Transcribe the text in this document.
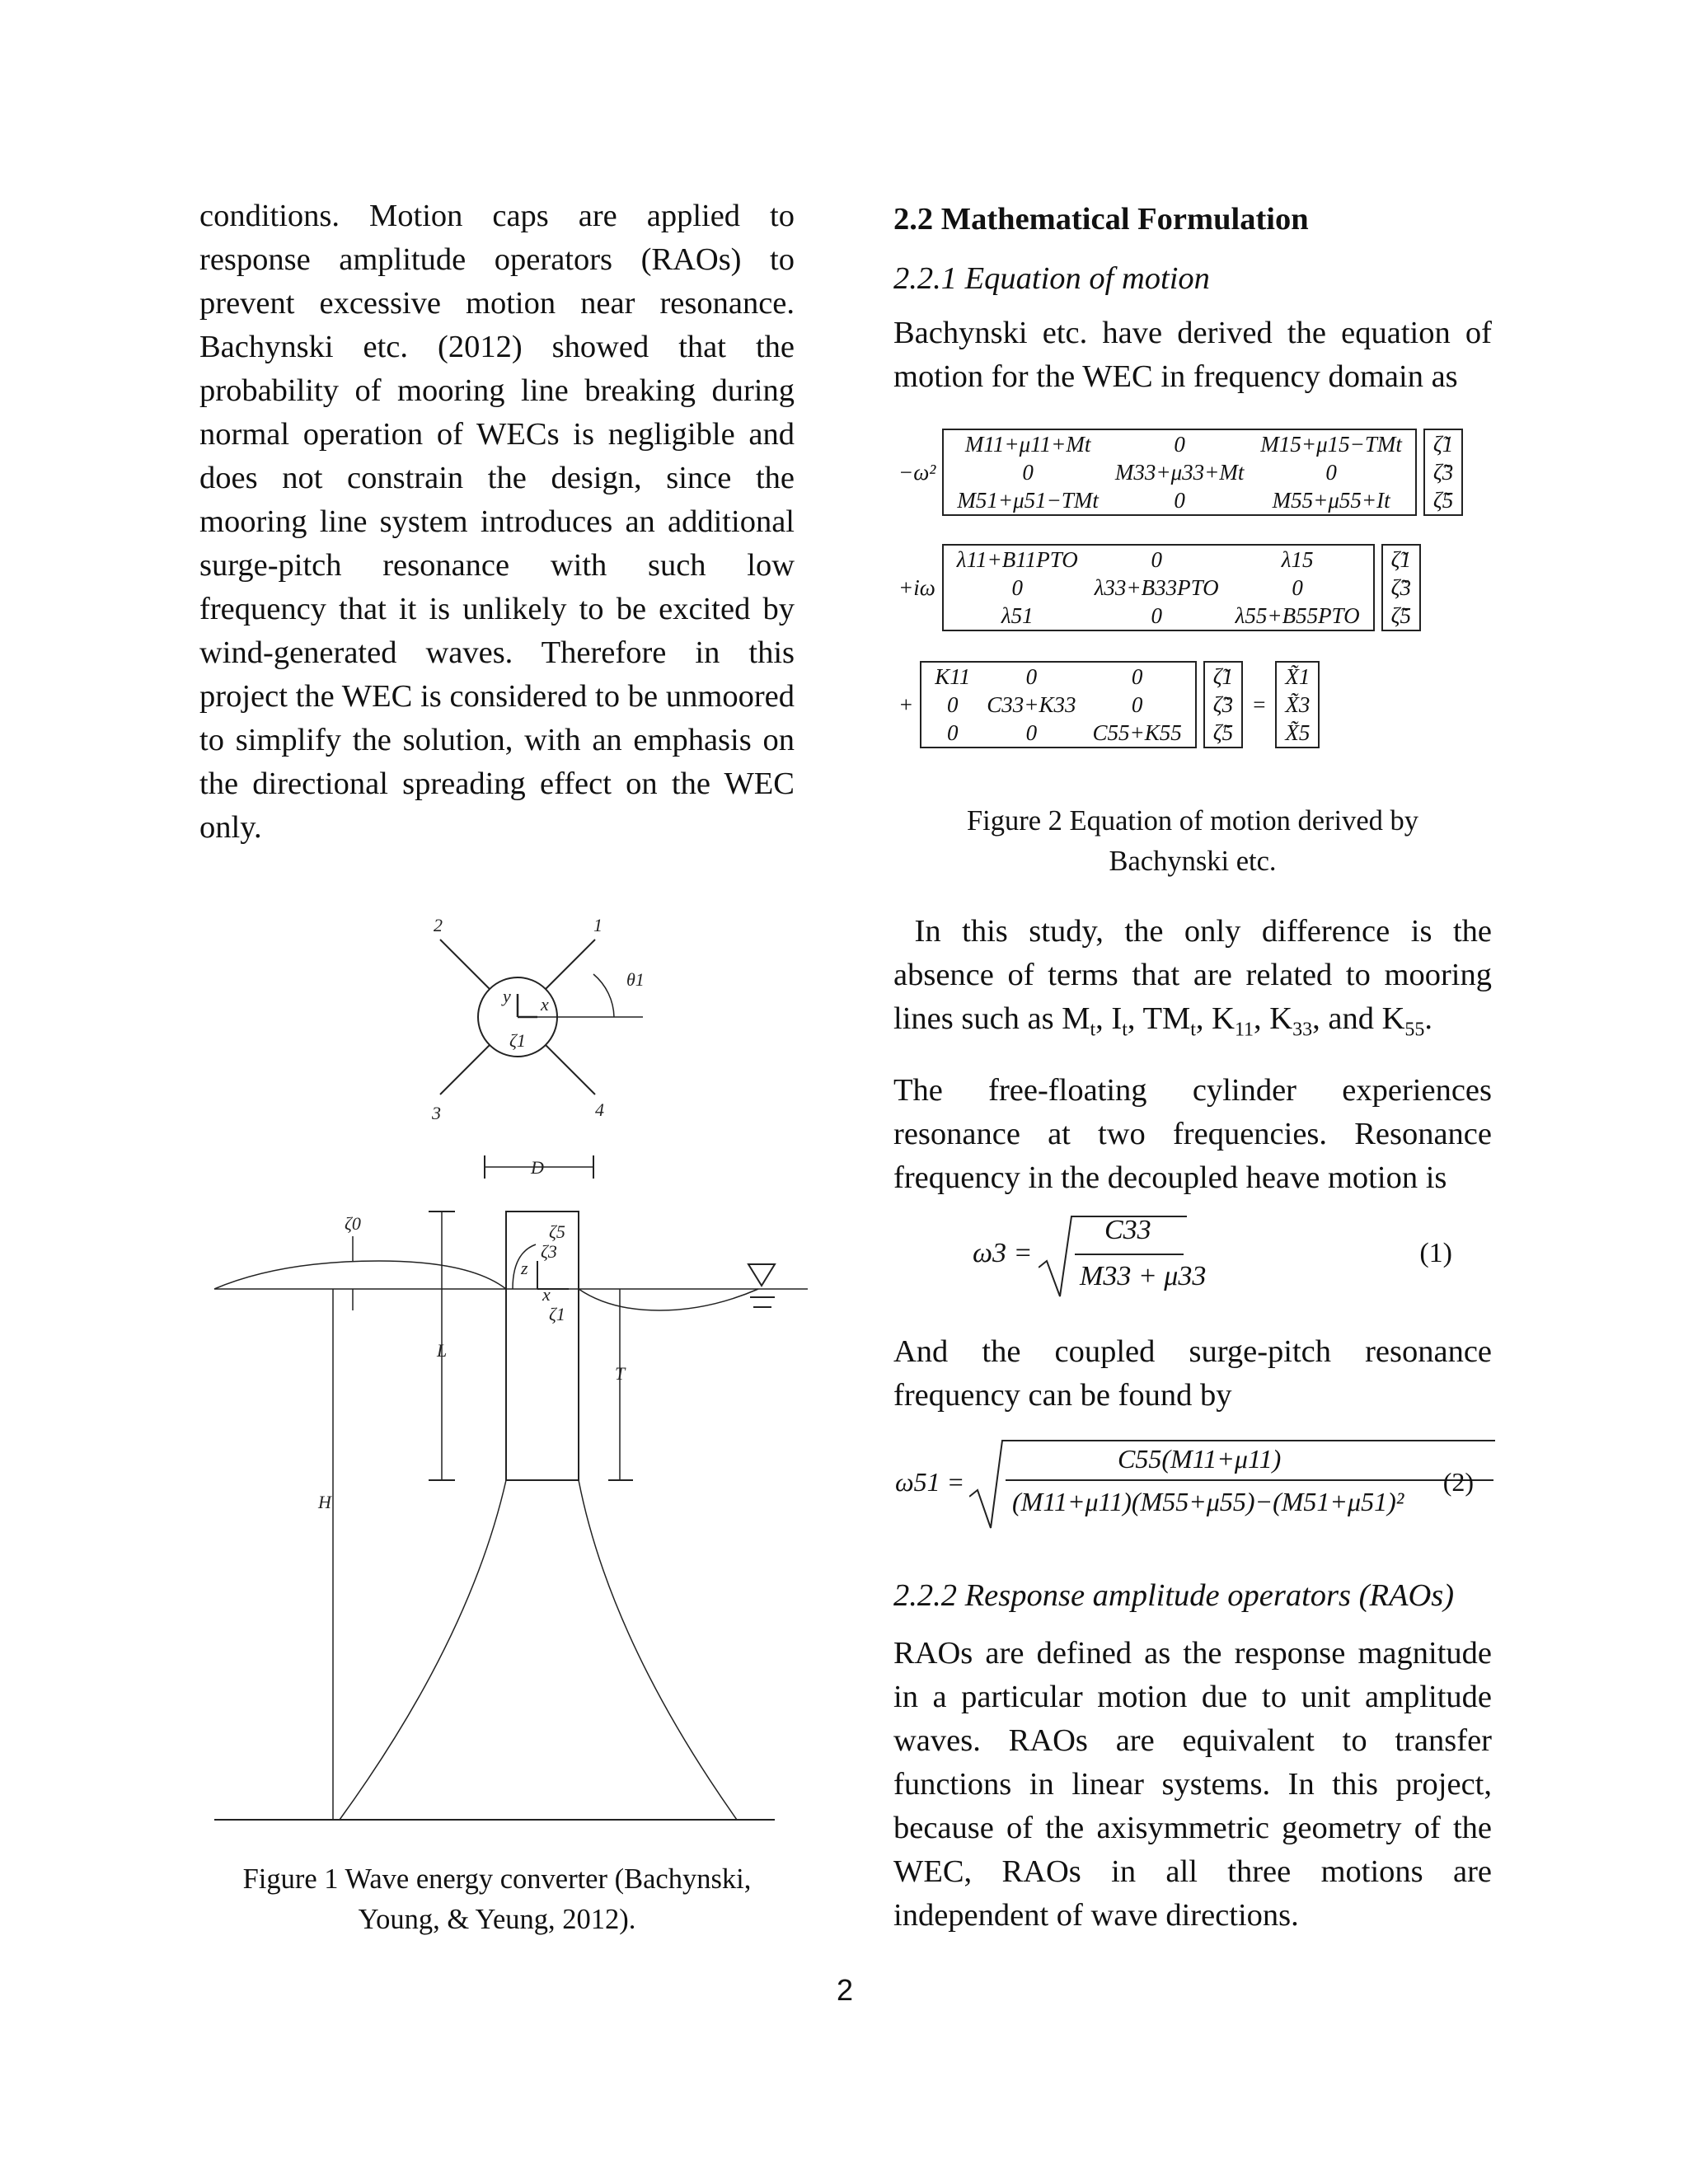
conditions. Motion caps are applied to response amplitude operators (RAOs) to prevent excessive motion near resonance. Bachynski etc. (2012) showed that the probability of mooring line breaking during normal operation of WECs is negligible and does not constrain the design, since the mooring line system introduces an additional surge-pitch resonance with such low frequency that it is unlikely to be excited by wind-generated waves. Therefore in this project the WEC is considered to be unmoored to simplify the solution, with an emphasis on the directional spreading effect on the WEC only.

2	1
3	4
θ1
y x
ζ1
D
ζ0	ζ5
ζ3
z
x
ζ1
L
T
H

Figure 1 Wave energy converter (Bachynski,

Young, & Yeung, 2012).

2.2 Mathematical Formulation

2.2.1 Equation of motion

Bachynski etc. have derived the equation of motion for the WEC in frequency domain as

−ω²
M11+μ11+Mt	0	M15+μ15−TMt
0	M33+μ33+Mt	0
M51+μ51−TMt	0	M55+μ55+It
ζ̃1
ζ̃3
ζ̃5
+iω
λ11+B11PTO	0	λ15
0	λ33+B33PTO	0
λ51	0	λ55+B55PTO
ζ̃1
ζ̃3
ζ̃5
+
K11	0	0
0	C33+K33	0
0	0	C55+K55
ζ̃1
ζ̃3
ζ̃5
=
X̃1
X̃3
X̃5

Figure 2 Equation of motion derived by

Bachynski etc.

In this study, the only difference is the absence of terms that are related to mooring lines such as $M_t$, $I_t$, $TM_t$, $K_{11}$, $K_{33}$, and $K_{55}$.

The free-floating cylinder experiences resonance at two frequencies. Resonance frequency in the decoupled heave motion is

ω3 =
C33
M33 + μ33
(1)

And the coupled surge-pitch resonance frequency can be found by

ω51 =
C55(M11+μ11)
(M11+μ11)(M55+μ55)−(M51+μ51)²
(2)

2.2.2 Response amplitude operators (RAOs)

RAOs are defined as the response magnitude in a particular motion due to unit amplitude waves. RAOs are equivalent to transfer functions in linear systems. In this project, because of the axisymmetric geometry of the WEC, RAOs in all three motions are independent of wave directions.

2
